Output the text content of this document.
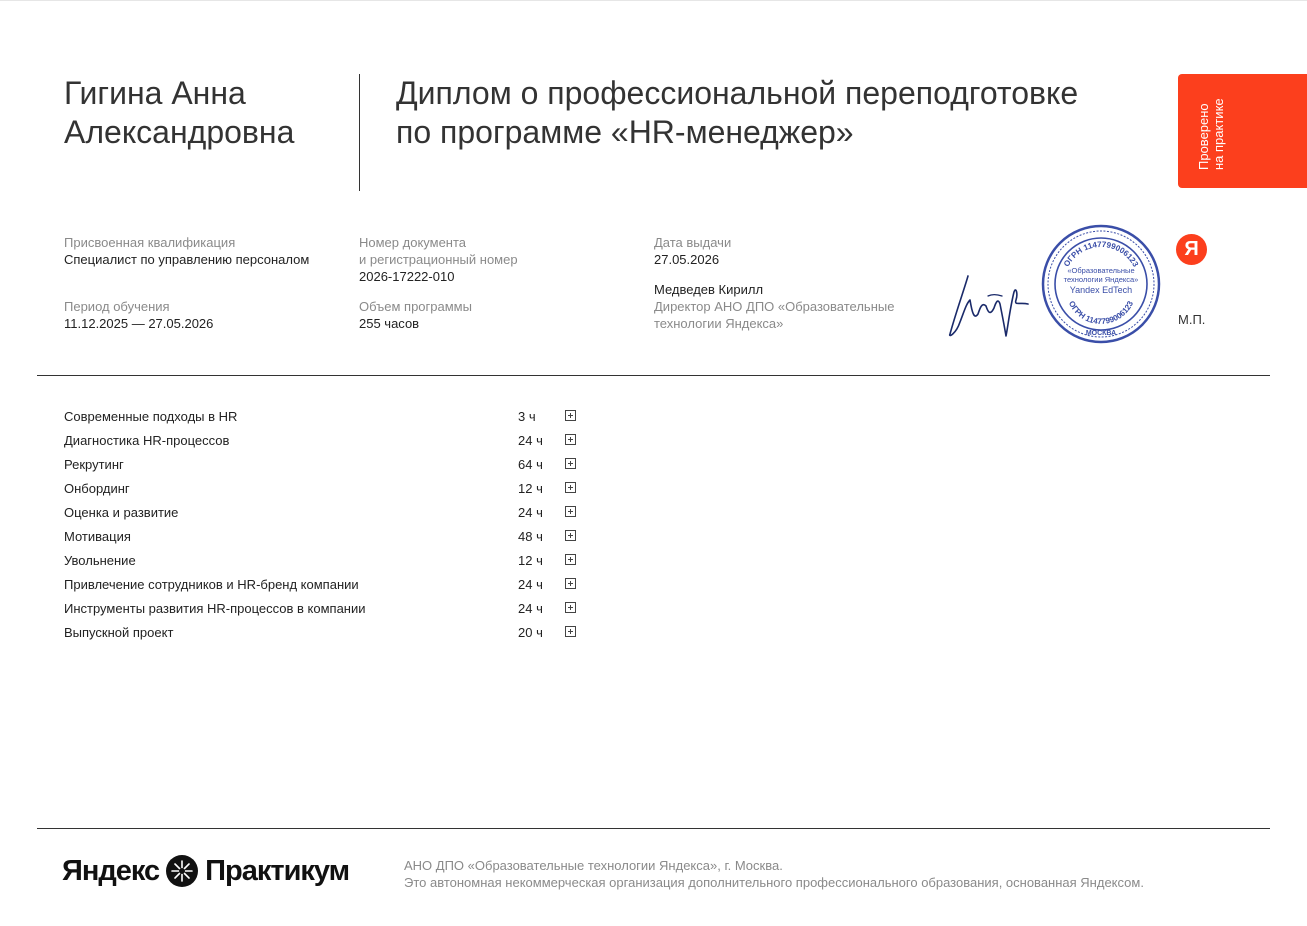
Гигина Анна
Александровна
Диплом о профессиональной переподготовке
по программе «HR-менеджер»	Проверено на практике
Присвоенная квалификация
Специалист по управлению персоналом
Период обучения
11.12.2025 — 27.05.2026
Номер документа
и регистрационный номер
2026-17222-010
Объем программы
255 часов
Дата выдачи
27.05.2026
Медведев Кирилл
Директор АНО ДПО «Образовательные
технологии Яндекса»
ОГРН 1147799006123
ОГРН 1147799006123
«Образовательные
технологии Яндекса»
Yandex EdTech
МОСКВА
Я
М.П.
Современные подходы в HR	3 ч
Диагностика HR-процессов	24 ч
Рекрутинг	64 ч
Онбординг	12 ч
Оценка и развитие	24 ч
Мотивация	48 ч
Увольнение	12 ч
Привлечение сотрудников и HR-бренд компании	24 ч
Инструменты развития HR-процессов в компании	24 ч
Выпускной проект	20 ч
Яндекс Практикум	АНО ДПО «Образовательные технологии Яндекса», г. Москва.
Это автономная некоммерческая организация дополнительного профессионального образования, основанная Яндексом.
